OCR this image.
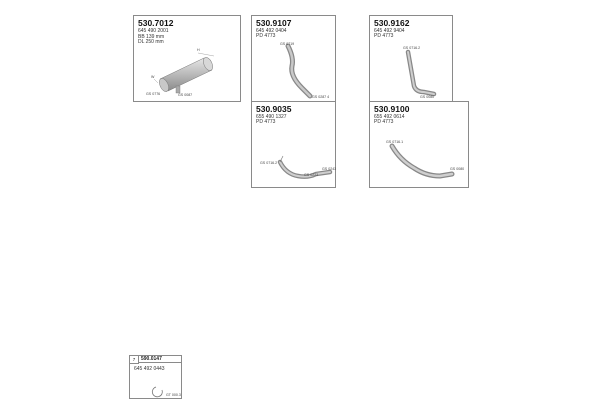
530.7012
645 490 2001
BB 139 mm
DL 250 mm
H
W
GS 0776	GS 0087
530.9107
645 492 0404
PD 4773
GS 0719
GS 0287 4
530.9162
645 492 9404
PD 4773
GS 0716.2
GS 0080
530.9035
655 490 1327
PD 4773
GS 0716.2
GS 0223
GS 0243
530.9100
655 492 0614
PD 4773
GS 0716.1
GS 0080
7	590.0147
645 492 0443
GT 000.3
